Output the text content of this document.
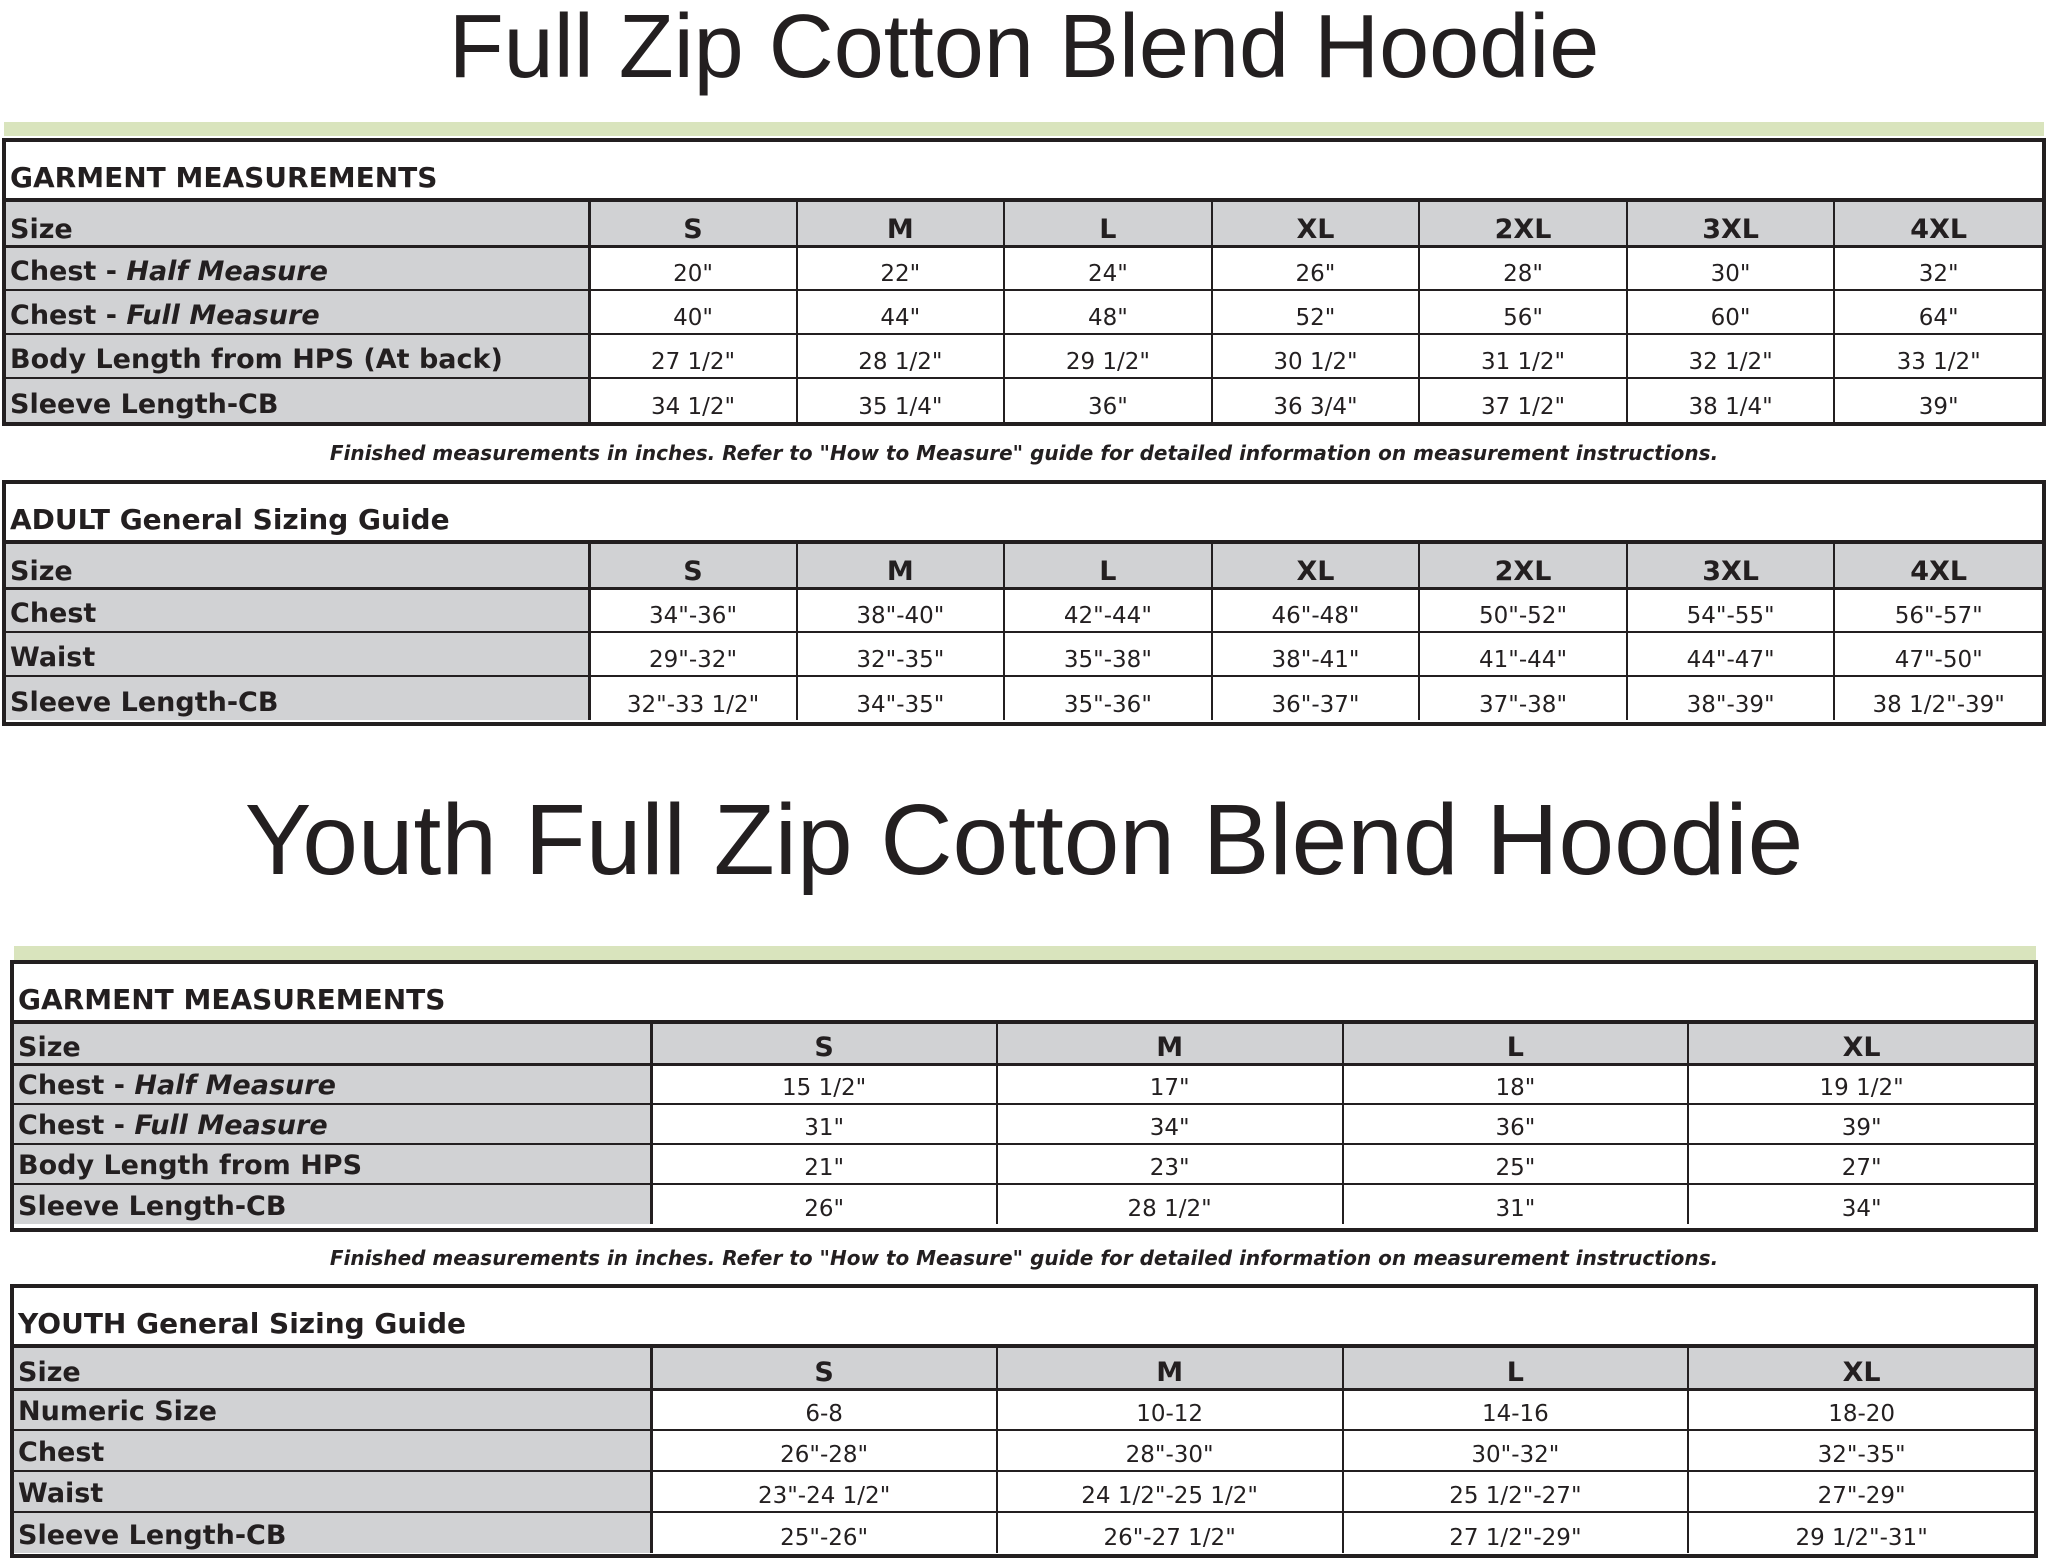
Full Zip Cotton Blend Hoodie
GARMENT MEASUREMENTS
Size	S	M	L	XL	2XL	3XL	4XL
Chest - Half Measure	20"	22"	24"	26"	28"	30"	32"
Chest - Full Measure	40"	44"	48"	52"	56"	60"	64"
Body Length from HPS (At back)	27 1/2"	28 1/2"	29 1/2"	30 1/2"	31 1/2"	32 1/2"	33 1/2"
Sleeve Length-CB	34 1/2"	35 1/4"	36"	36 3/4"	37 1/2"	38 1/4"	39"
Finished measurements in inches. Refer to "How to Measure" guide for detailed information on measurement instructions.
ADULT General Sizing Guide
Size	S	M	L	XL	2XL	3XL	4XL
Chest	34"-36"	38"-40"	42"-44"	46"-48"	50"-52"	54"-55"	56"-57"
Waist	29"-32"	32"-35"	35"-38"	38"-41"	41"-44"	44"-47"	47"-50"
Sleeve Length-CB	32"-33 1/2"	34"-35"	35"-36"	36"-37"	37"-38"	38"-39"	38 1/2"-39"
Youth Full Zip Cotton Blend Hoodie
GARMENT MEASUREMENTS
Size	S	M	L	XL
Chest - Half Measure	15 1/2"	17"	18"	19 1/2"
Chest - Full Measure	31"	34"	36"	39"
Body Length from HPS	21"	23"	25"	27"
Sleeve Length-CB	26"	28 1/2"	31"	34"
Finished measurements in inches. Refer to "How to Measure" guide for detailed information on measurement instructions.
YOUTH General Sizing Guide
Size	S	M	L	XL
Numeric Size	6-8	10-12	14-16	18-20
Chest	26"-28"	28"-30"	30"-32"	32"-35"
Waist	23"-24 1/2"	24 1/2"-25 1/2"	25 1/2"-27"	27"-29"
Sleeve Length-CB	25"-26"	26"-27 1/2"	27 1/2"-29"	29 1/2"-31"
